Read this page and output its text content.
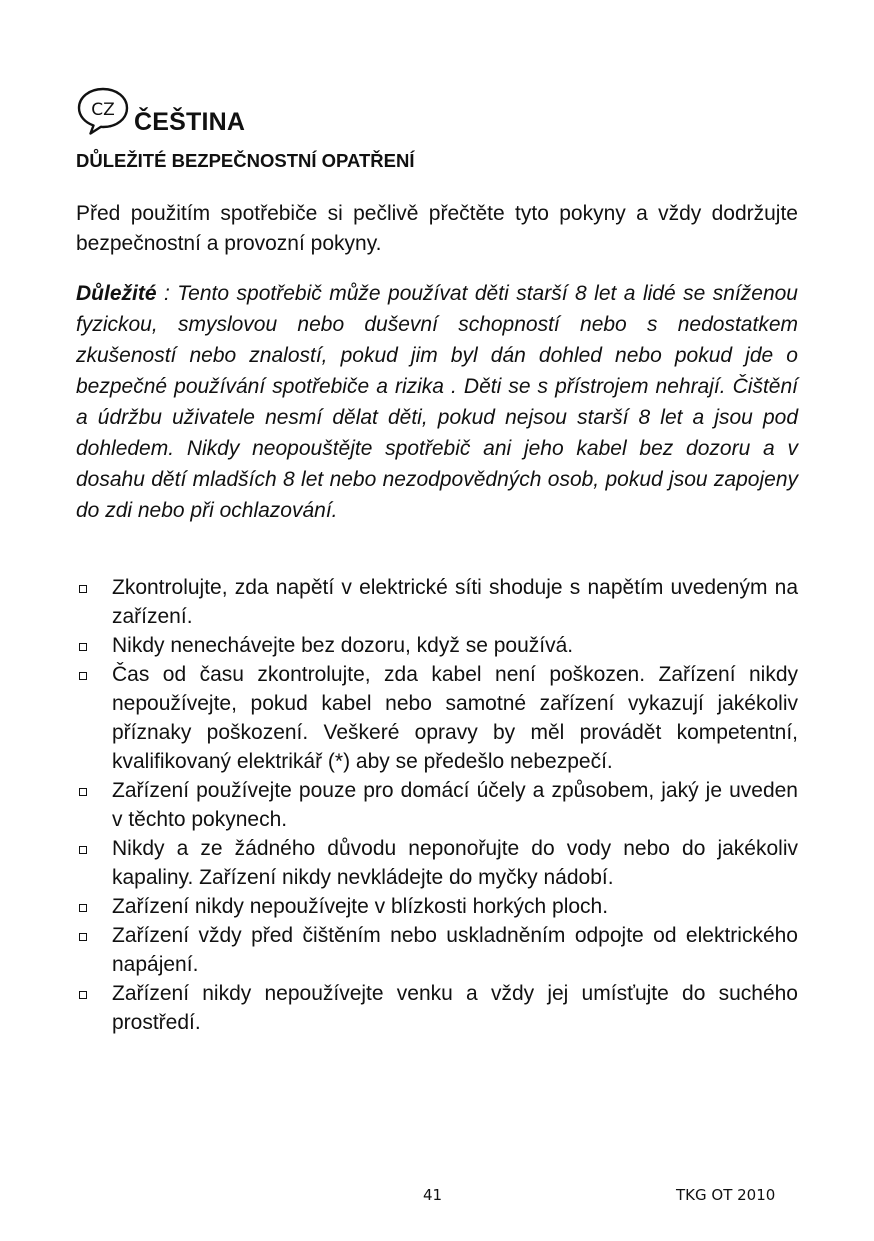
CZ ČEŠTINA
DŮLEŽITÉ BEZPEČNOSTNÍ OPATŘENÍ

Před použitím spotřebiče si pečlivě přečtěte tyto pokyny a vždy dodržujte bezpečnostní a provozní pokyny.

Důležité : Tento spotřebič může používat děti starší 8 let a lidé se sníženou fyzickou, smyslovou nebo duševní schopností nebo s nedostatkem zkušeností nebo znalostí, pokud jim byl dán dohled nebo pokud jde o bezpečné používání spotřebiče a rizika . Děti se s přístrojem nehrají. Čištění a údržbu uživatele nesmí dělat děti, pokud nejsou starší 8 let a jsou pod dohledem. Nikdy neopouštějte spotřebič ani jeho kabel bez dozoru a v dosahu dětí mladších 8 let nebo nezodpovědných osob, pokud jsou zapojeny do zdi nebo při ochlazování.

Zkontrolujte, zda napětí v elektrické síti shoduje s napětím uvedeným na zařízení.
Nikdy nenechávejte bez dozoru, když se používá.
Čas od času zkontrolujte, zda kabel není poškozen. Zařízení nikdy nepoužívejte, pokud kabel nebo samotné zařízení vykazují jakékoliv příznaky poškození. Veškeré opravy by měl provádět kompetentní, kvalifikovaný elektrikář (*) aby se předešlo nebezpečí.
Zařízení používejte pouze pro domácí účely a způsobem, jaký je uveden v těchto pokynech.
Nikdy a ze žádného důvodu neponořujte do vody nebo do jakékoliv kapaliny. Zařízení nikdy nevkládejte do myčky nádobí.
Zařízení nikdy nepoužívejte v blízkosti horkých ploch.
Zařízení vždy před čištěním nebo uskladněním odpojte od elektrického napájení.
Zařízení nikdy nepoužívejte venku a vždy jej umísťujte do suchého prostředí.
41	TKG OT 2010
